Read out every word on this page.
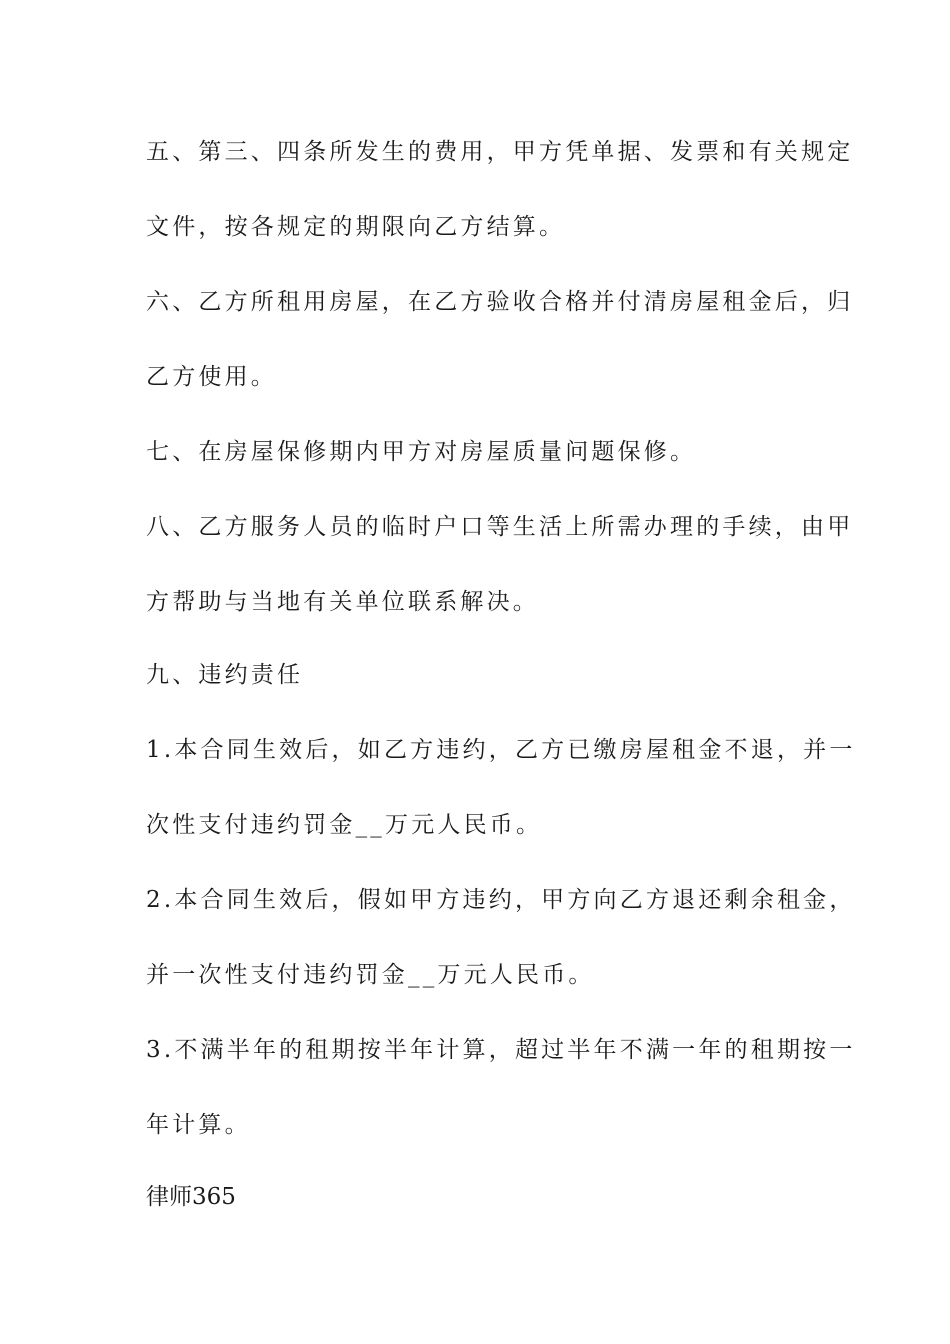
五、第三、四条所发生的费用，甲方凭单据、发票和有关规定
文件，按各规定的期限向乙方结算。
六、乙方所租用房屋，在乙方验收合格并付清房屋租金后，归
乙方使用。
七、在房屋保修期内甲方对房屋质量问题保修。
八、乙方服务人员的临时户口等生活上所需办理的手续，由甲
方帮助与当地有关单位联系解决。
九、违约责任
1.本合同生效后，如乙方违约，乙方已缴房屋租金不退，并一
次性支付违约罚金__万元人民币。
2.本合同生效后，假如甲方违约，甲方向乙方退还剩余租金，
并一次性支付违约罚金__万元人民币。
3.不满半年的租期按半年计算，超过半年不满一年的租期按一
年计算。
律师365
